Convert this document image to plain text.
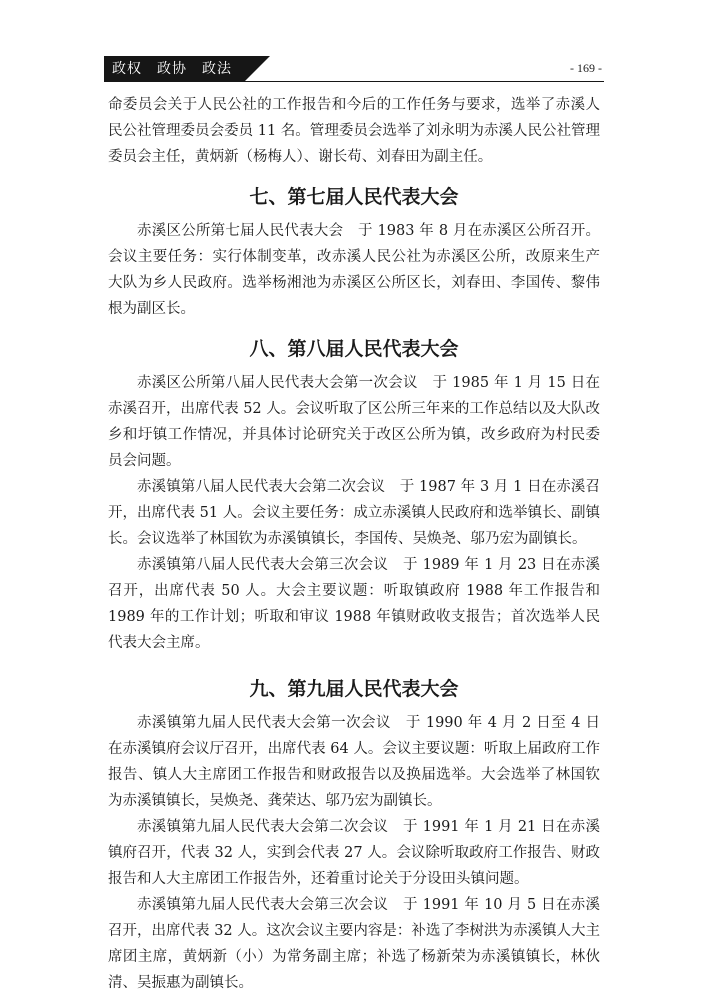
政权　政协　政法	- 169 -

命委员会关于人民公社的工作报告和今后的工作任务与要求，选举了赤溪人民公社管理委员会委员 11 名。管理委员会选举了刘永明为赤溪人民公社管理委员会主任，黄炳新（杨梅人）、谢长苟、刘春田为副主任。

七、第七届人民代表大会

赤溪区公所第七届人民代表大会　于 1983 年 8 月在赤溪区公所召开。会议主要任务：实行体制变革，改赤溪人民公社为赤溪区公所，改原来生产大队为乡人民政府。选举杨湘池为赤溪区公所区长，刘春田、李国传、黎伟根为副区长。

八、第八届人民代表大会

赤溪区公所第八届人民代表大会第一次会议　于 1985 年 1 月 15 日在赤溪召开，出席代表 52 人。会议听取了区公所三年来的工作总结以及大队改乡和圩镇工作情况，并具体讨论研究关于改区公所为镇，改乡政府为村民委员会问题。

赤溪镇第八届人民代表大会第二次会议　于 1987 年 3 月 1 日在赤溪召开，出席代表 51 人。会议主要任务：成立赤溪镇人民政府和选举镇长、副镇长。会议选举了林国钦为赤溪镇镇长，李国传、吴焕尧、邬乃宏为副镇长。

赤溪镇第八届人民代表大会第三次会议　于 1989 年 1 月 23 日在赤溪召开，出席代表 50 人。大会主要议题：听取镇政府 1988 年工作报告和 1989 年的工作计划；听取和审议 1988 年镇财政收支报告；首次选举人民代表大会主席。

九、第九届人民代表大会

赤溪镇第九届人民代表大会第一次会议　于 1990 年 4 月 2 日至 4 日在赤溪镇府会议厅召开，出席代表 64 人。会议主要议题：听取上届政府工作报告、镇人大主席团工作报告和财政报告以及换届选举。大会选举了林国钦为赤溪镇镇长，吴焕尧、龚荣达、邬乃宏为副镇长。

赤溪镇第九届人民代表大会第二次会议　于 1991 年 1 月 21 日在赤溪镇府召开，代表 32 人，实到会代表 27 人。会议除听取政府工作报告、财政报告和人大主席团工作报告外，还着重讨论关于分设田头镇问题。

赤溪镇第九届人民代表大会第三次会议　于 1991 年 10 月 5 日在赤溪召开，出席代表 32 人。这次会议主要内容是：补选了李树洪为赤溪镇人大主席团主席，黄炳新（小）为常务副主席；补选了杨新荣为赤溪镇镇长，林伙清、吴振惠为副镇长。
